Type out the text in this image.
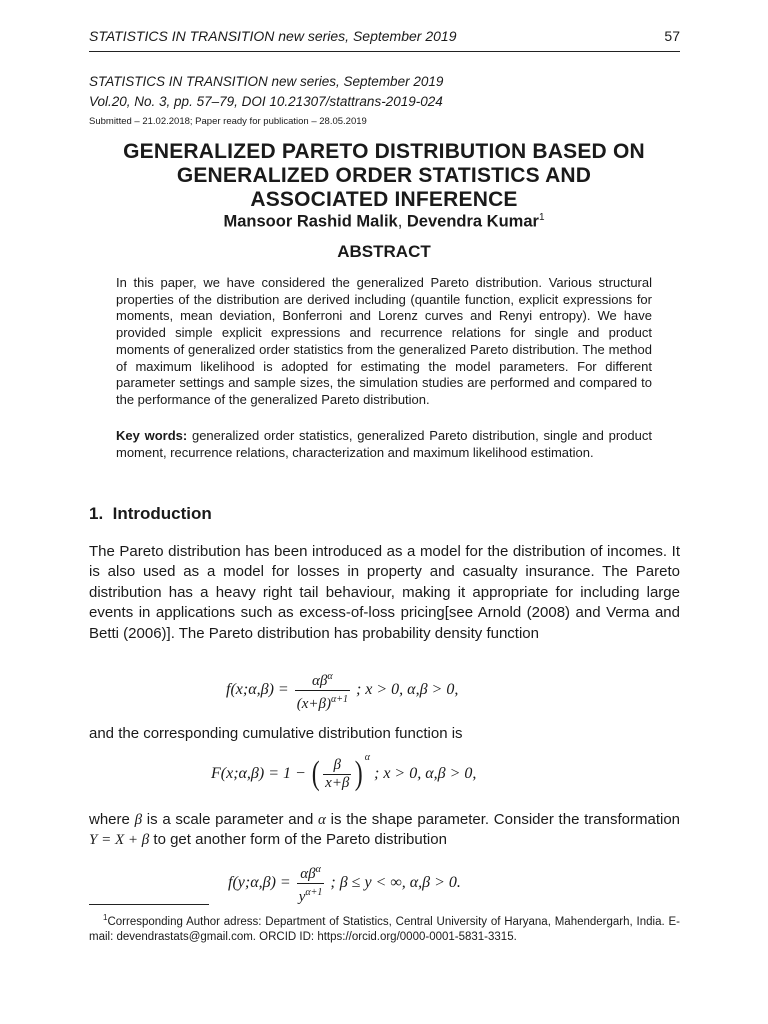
STATISTICS IN TRANSITION new series, September 2019	57
STATISTICS IN TRANSITION new series, September 2019
Vol.20, No. 3, pp. 57–79, DOI 10.21307/stattrans-2019-024
Submitted – 21.02.2018; Paper ready for publication – 28.05.2019
GENERALIZED PARETO DISTRIBUTION BASED ON
GENERALIZED ORDER STATISTICS AND
ASSOCIATED INFERENCE
Mansoor Rashid Malik, Devendra Kumar$^1$
ABSTRACT
In this paper, we have considered the generalized Pareto distribution. Various structural properties of the distribution are derived including (quantile function, explicit expressions for moments, mean deviation, Bonferroni and Lorenz curves and Renyi entropy). We have provided simple explicit expressions and recurrence relations for single and product moments of generalized order statistics from the generalized Pareto distribution. The method of maximum likelihood is adopted for estimating the model parameters. For different parameter settings and sample sizes, the simulation studies are performed and compared to the performance of the generalized Pareto distribution.
Key words: generalized order statistics, generalized Pareto distribution, single and product moment, recurrence relations, characterization and maximum likelihood estimation.
1. Introduction
The Pareto distribution has been introduced as a model for the distribution of incomes. It is also used as a model for losses in property and casualty insurance. The Pareto distribution has a heavy right tail behaviour, making it appropriate for including large events in applications such as excess-of-loss pricing[see Arnold (2008) and Verma and Betti (2006)]. The Pareto distribution has probability density function
f(x;α,β) = $\frac{\alpha\beta^\alpha}{(x+\beta)^{\alpha+1}}$ ; x > 0, α,β > 0,
and the corresponding cumulative distribution function is
F(x;α,β) = 1 − ( $\frac{\beta}{x+\beta}$ ) $^\alpha$ ; x > 0, α,β > 0,
where β is a scale parameter and α is the shape parameter. Consider the transformation Y = X + β to get another form of the Pareto distribution
f(y;α,β) = $\frac{\alpha\beta^\alpha}{y^{\alpha+1}}$ ; β ≤ y < ∞, α,β > 0.
$^1$Corresponding Author adress: Department of Statistics, Central University of Haryana, Mahendergarh, India. E-mail: devendrastats@gmail.com. ORCID ID: https://orcid.org/0000-0001-5831-3315.
